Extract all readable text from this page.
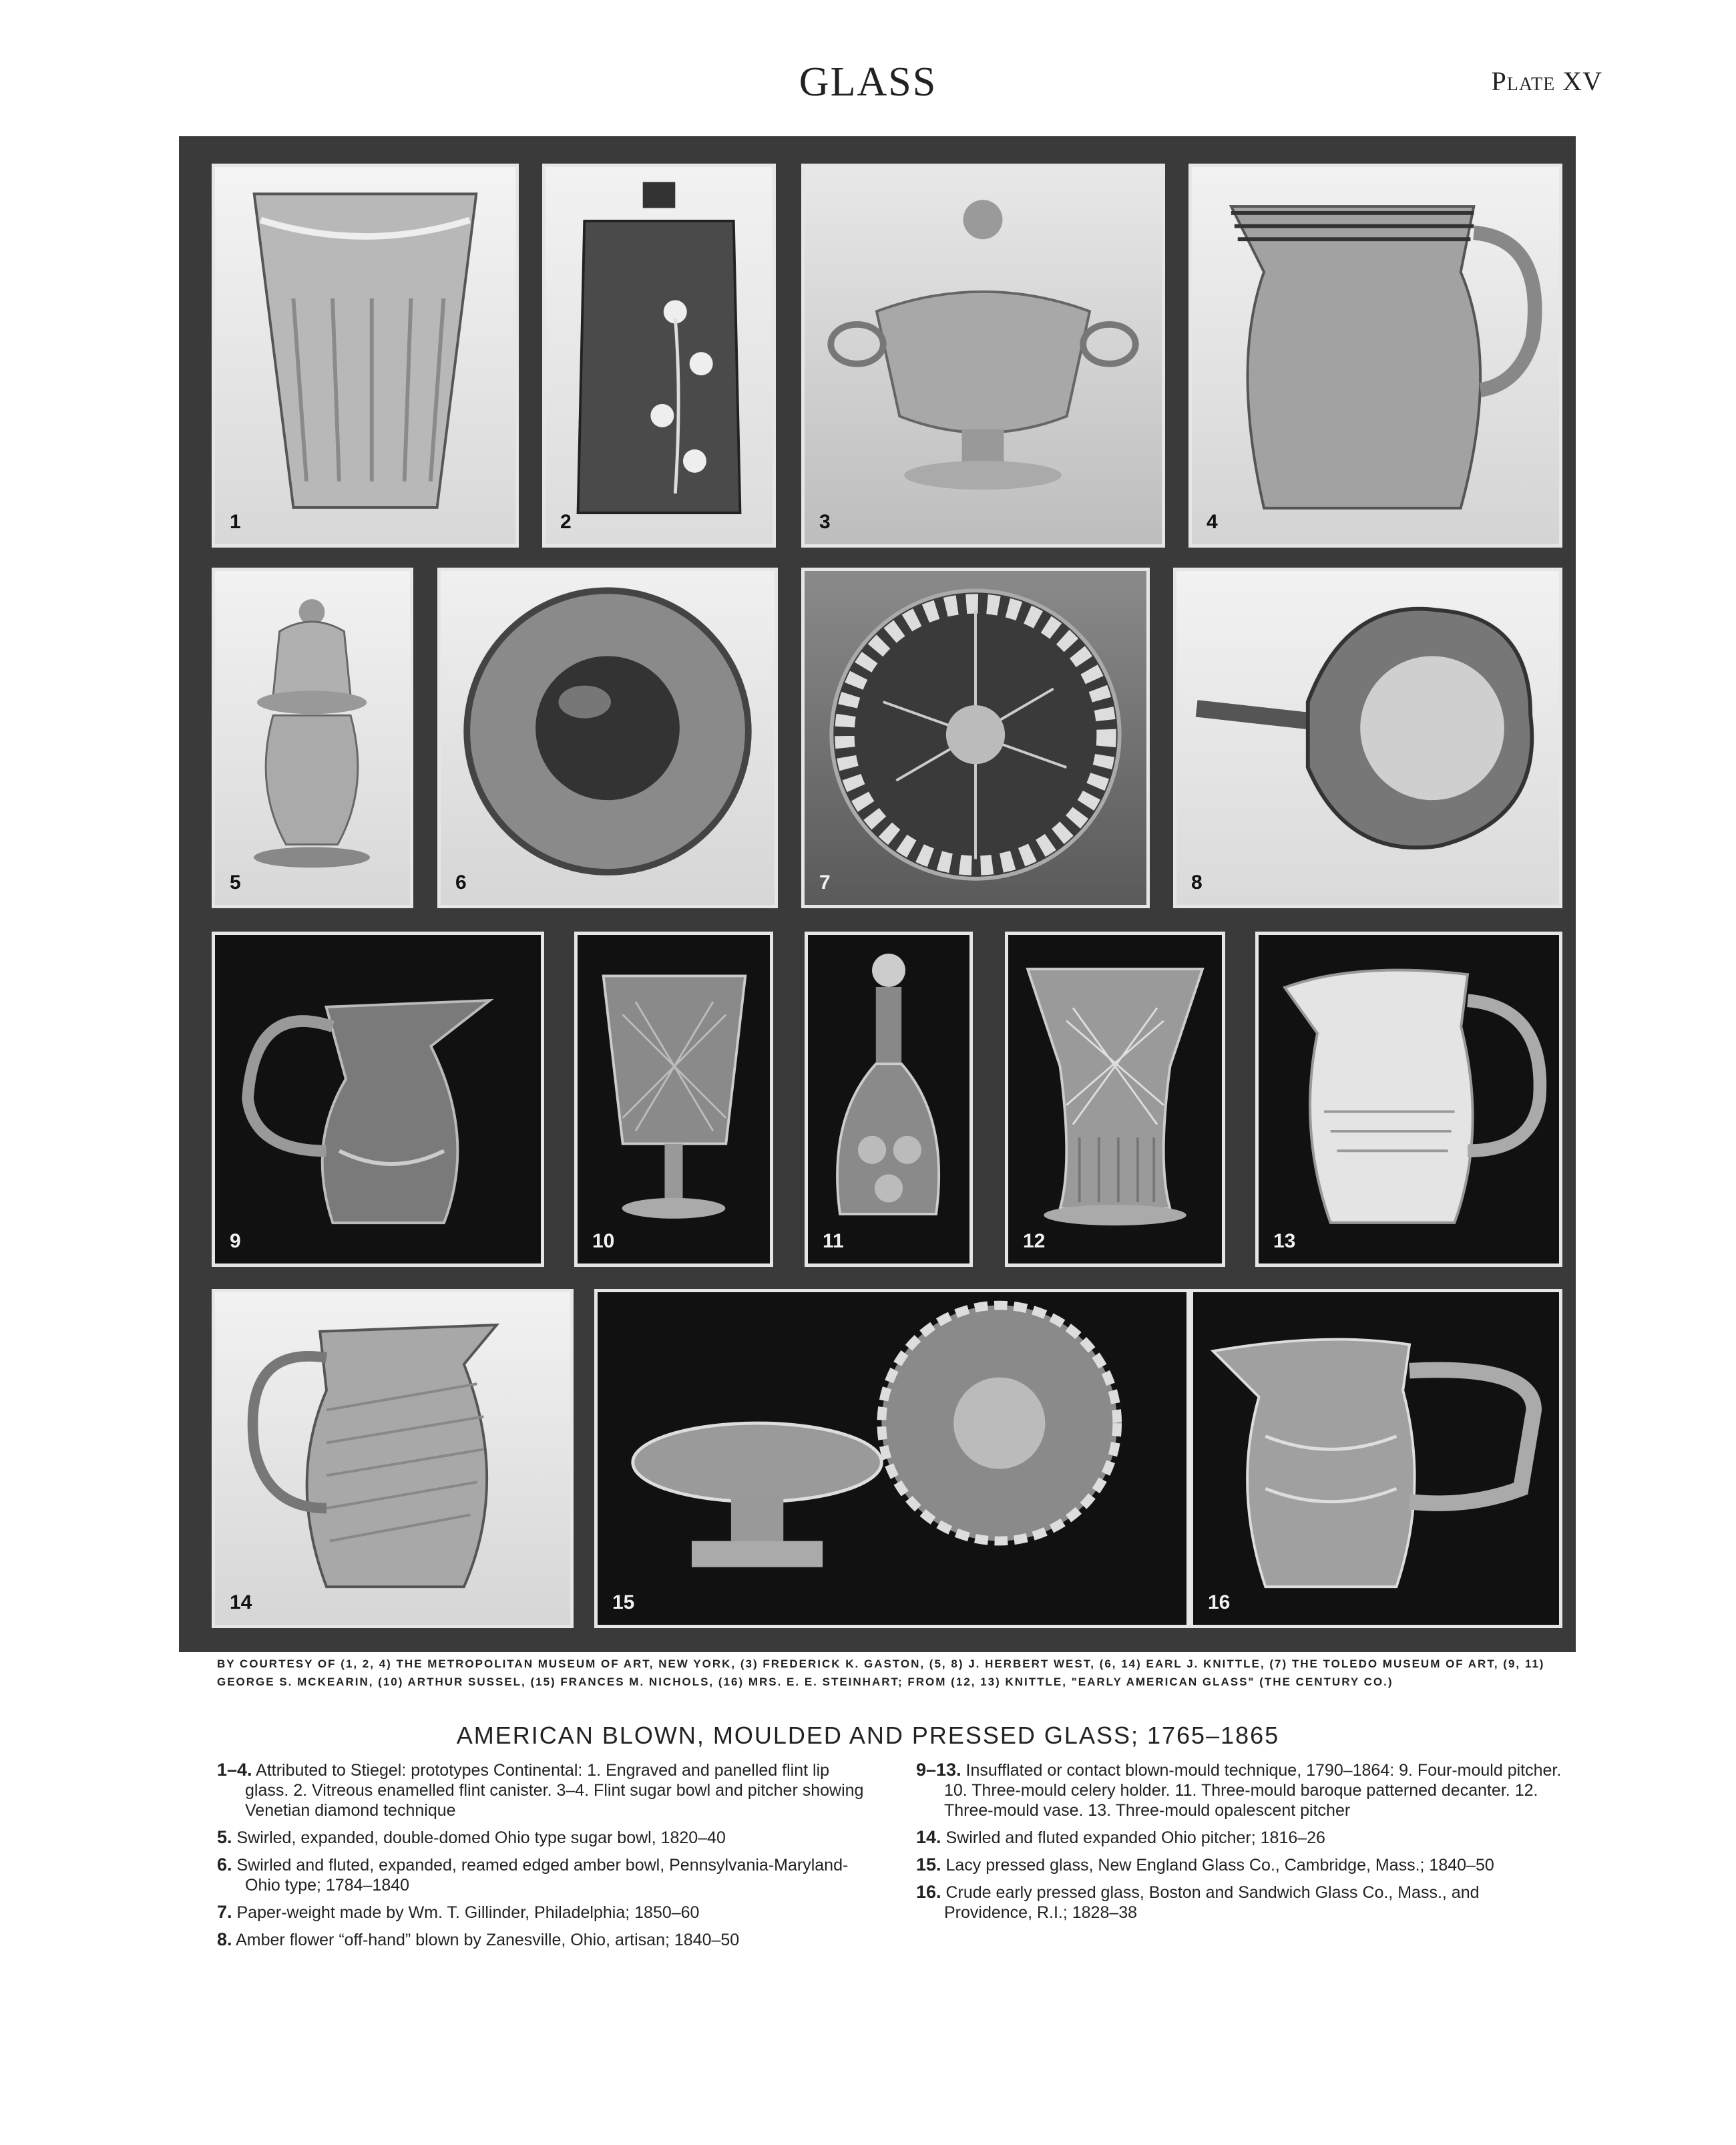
GLASS	Plate XV
1	2	3	4
5	6	7	8
9	10	11	12	13
14	15	16
BY COURTESY OF (1, 2, 4) THE METROPOLITAN MUSEUM OF ART, NEW YORK, (3) FREDERICK K. GASTON, (5, 8) J. HERBERT WEST, (6, 14) EARL J. KNITTLE, (7) THE TOLEDO MUSEUM OF ART, (9, 11) GEORGE S. MCKEARIN, (10) ARTHUR SUSSEL, (15) FRANCES M. NICHOLS, (16) MRS. E. E. STEINHART; FROM (12, 13) KNITTLE, "EARLY AMERICAN GLASS" (THE CENTURY CO.)
AMERICAN BLOWN, MOULDED AND PRESSED GLASS; 1765–1865
1–4. Attributed to Stiegel: prototypes Continental: 1. Engraved and panelled flint lip glass. 2. Vitreous enamelled flint canister. 3–4. Flint sugar bowl and pitcher showing Venetian diamond technique
5. Swirled, expanded, double-domed Ohio type sugar bowl, 1820–40
6. Swirled and fluted, expanded, reamed edged amber bowl, Pennsylvania-Maryland-Ohio type; 1784–1840
7. Paper-weight made by Wm. T. Gillinder, Philadelphia; 1850–60
8. Amber flower “off-hand” blown by Zanesville, Ohio, artisan; 1840–50
9–13. Insufflated or contact blown-mould technique, 1790–1864: 9. Four-mould pitcher. 10. Three-mould celery holder. 11. Three-mould baroque patterned decanter. 12. Three-mould vase. 13. Three-mould opalescent pitcher
14. Swirled and fluted expanded Ohio pitcher; 1816–26
15. Lacy pressed glass, New England Glass Co., Cambridge, Mass.; 1840–50
16. Crude early pressed glass, Boston and Sandwich Glass Co., Mass., and Providence, R.I.; 1828–38
